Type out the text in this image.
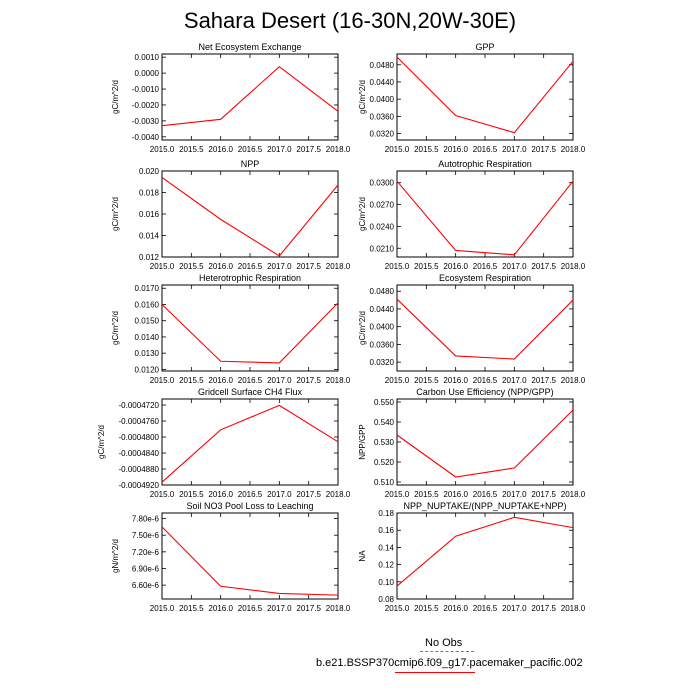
Sahara Desert (16-30N,20W-30E)
Net Ecosystem Exchange
2015.0 2015.5 2016.0 2016.5 2017.0 2017.5 2018.0
-0.0040
-0.0030
-0.0020
-0.0010
0.0000
0.0010
gC/m^2/d
GPP
2015.0 2015.5 2016.0 2016.5 2017.0 2017.5 2018.0
0.0320
0.0360
0.0400
0.0440
0.0480
gC/m^2/d
NPP
2015.0 2015.5 2016.0 2016.5 2017.0 2017.5 2018.0
0.012
0.014
0.016
0.018
0.020
gC/m^2/d
Autotrophic Respiration
2015.0 2015.5 2016.0 2016.5 2017.0 2017.5 2018.0
0.0210
0.0240
0.0270
0.0300
gC/m^2/d
Heterotrophic Respiration
2015.0 2015.5 2016.0 2016.5 2017.0 2017.5 2018.0
0.0120
0.0130
0.0140
0.0150
0.0160
0.0170
gC/m^2/d
Ecosystem Respiration
2015.0 2015.5 2016.0 2016.5 2017.0 2017.5 2018.0
0.0320
0.0360
0.0400
0.0440
0.0480
gC/m^2/d
Gridcell Surface CH4 Flux
2015.0 2015.5 2016.0 2016.5 2017.0 2017.5 2018.0
-0.0004920
-0.0004880
-0.0004840
-0.0004800
-0.0004760
-0.0004720
gC/m^2/d
Carbon Use Efficiency (NPP/GPP)
2015.0 2015.5 2016.0 2016.5 2017.0 2017.5 2018.0
0.510
0.520
0.530
0.540
0.550
NPP/GPP
Soil NO3 Pool Loss to Leaching
2015.0 2015.5 2016.0 2016.5 2017.0 2017.5 2018.0
6.60e-6
6.90e-6
7.20e-6
7.50e-6
7.80e-6
gN/m^2/d
NPP_NUPTAKE/(NPP_NUPTAKE+NPP)
2015.0 2015.5 2016.0 2016.5 2017.0 2017.5 2018.0
0.08
0.10
0.12
0.14
0.16
0.18
NA
No Obs
b.e21.BSSP370cmip6.f09_g17.pacemaker_pacific.002
